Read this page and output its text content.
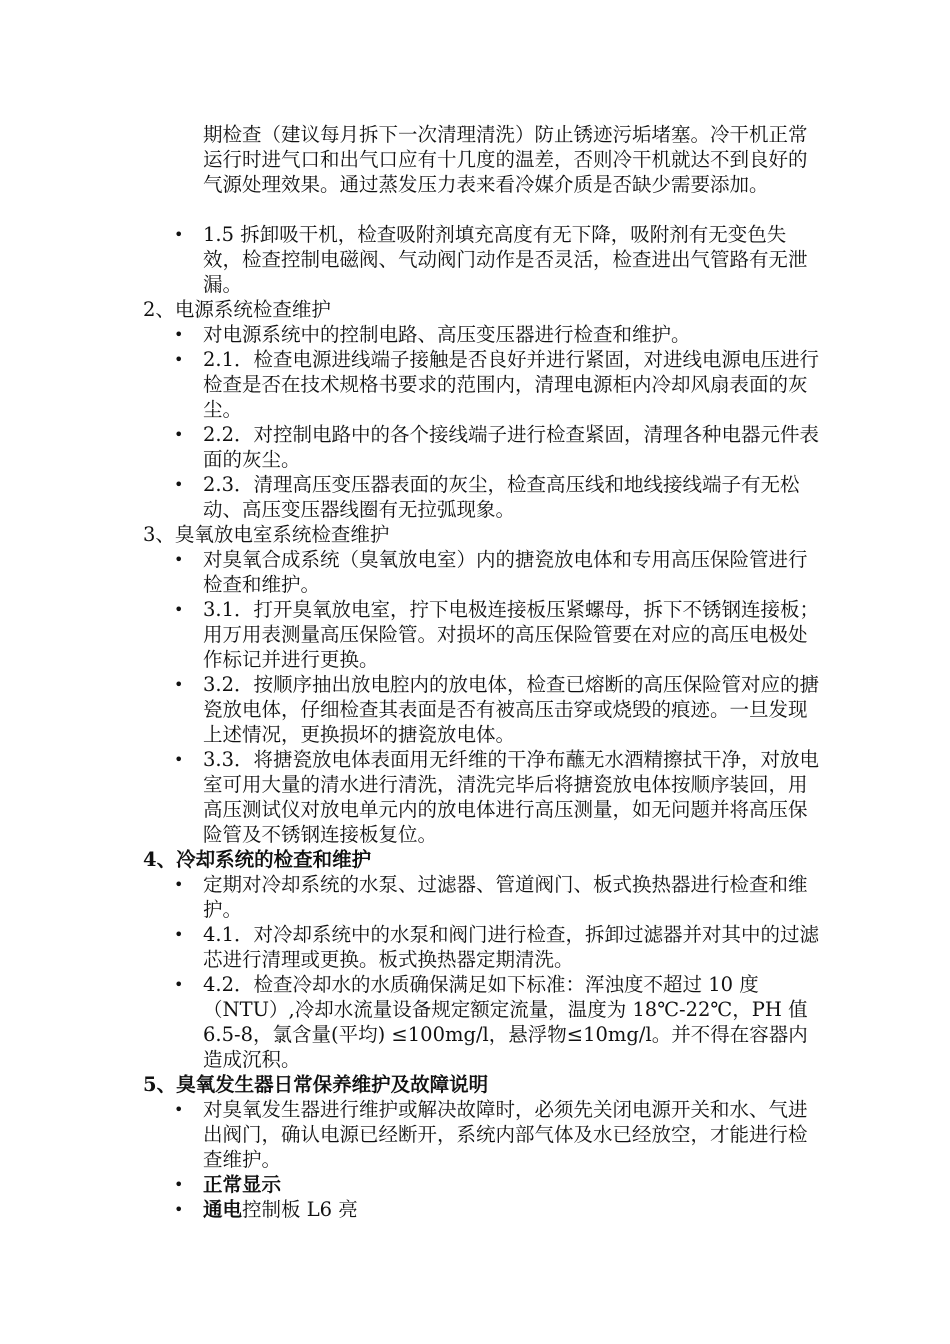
期检查（建议每月拆下一次清理清洗）防止锈迹污垢堵塞。冷干机正常运行时进气口和出气口应有十几度的温差，否则冷干机就达不到良好的气源处理效果。通过蒸发压力表来看冷媒介质是否缺少需要添加。

• 1.5 拆卸吸干机，检查吸附剂填充高度有无下降，吸附剂有无变色失效，检查控制电磁阀、气动阀门动作是否灵活，检查进出气管路有无泄漏。

2、电源系统检查维护

• 对电源系统中的控制电路、高压变压器进行检查和维护。

• 2.1．检查电源进线端子接触是否良好并进行紧固，对进线电源电压进行检查是否在技术规格书要求的范围内，清理电源柜内冷却风扇表面的灰尘。

• 2.2．对控制电路中的各个接线端子进行检查紧固，清理各种电器元件表面的灰尘。

• 2.3．清理高压变压器表面的灰尘，检查高压线和地线接线端子有无松动、高压变压器线圈有无拉弧现象。

3、臭氧放电室系统检查维护

• 对臭氧合成系统（臭氧放电室）内的搪瓷放电体和专用高压保险管进行检查和维护。

• 3.1．打开臭氧放电室，拧下电极连接板压紧螺母，拆下不锈钢连接板；用万用表测量高压保险管。对损坏的高压保险管要在对应的高压电极处作标记并进行更换。

• 3.2．按顺序抽出放电腔内的放电体，检查已熔断的高压保险管对应的搪瓷放电体，仔细检查其表面是否有被高压击穿或烧毁的痕迹。一旦发现上述情况，更换损坏的搪瓷放电体。

• 3.3．将搪瓷放电体表面用无纤维的干净布蘸无水酒精擦拭干净，对放电室可用大量的清水进行清洗，清洗完毕后将搪瓷放电体按顺序装回，用高压测试仪对放电单元内的放电体进行高压测量，如无问题并将高压保险管及不锈钢连接板复位。

4、冷却系统的检查和维护

• 定期对冷却系统的水泵、过滤器、管道阀门、板式换热器进行检查和维护。

• 4.1．对冷却系统中的水泵和阀门进行检查，拆卸过滤器并对其中的过滤芯进行清理或更换。板式换热器定期清洗。

• 4.2．检查冷却水的水质确保满足如下标准：浑浊度不超过 10 度（NTU）,冷却水流量设备规定额定流量，温度为 18℃-22℃，PH 值 6.5-8，氯含量(平均) ≤100mg/l，悬浮物≤10mg/l。并不得在容器内造成沉积。

5、臭氧发生器日常保养维护及故障说明

• 对臭氧发生器进行维护或解决故障时，必须先关闭电源开关和水、气进出阀门，确认电源已经断开，系统内部气体及水已经放空，才能进行检查维护。

• 正常显示

• 通电控制板 L6 亮
